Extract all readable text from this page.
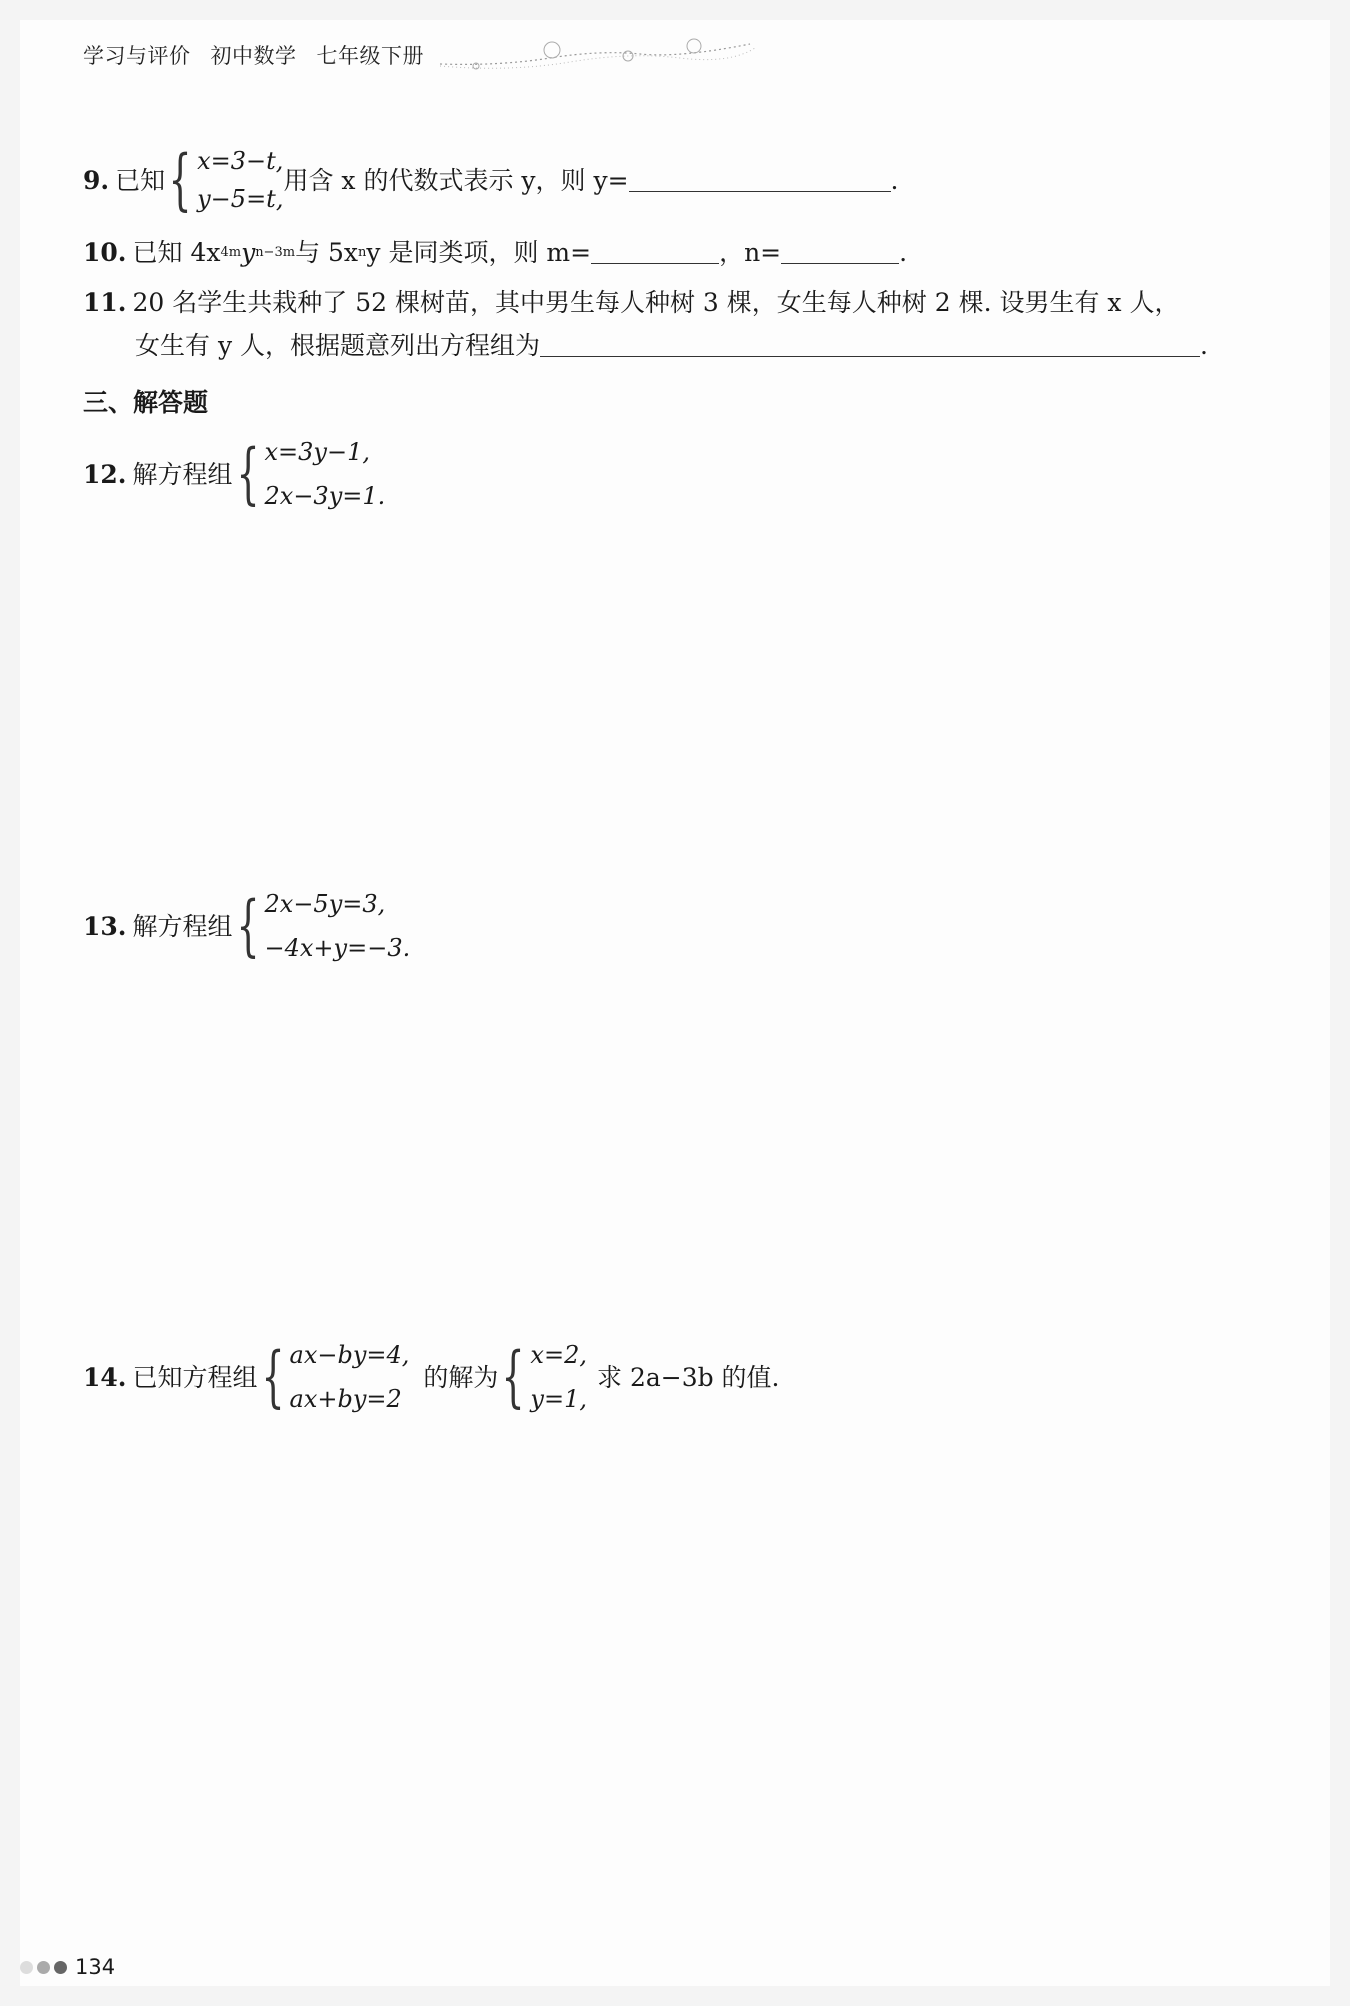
学习与评价 初中数学 七年级下册
9. 已知 { x=3−t,
y−5=t,
用含 x 的代数式表示 y，则 y=	.
10. 已知 4x 4m y n−3m 与 5x n y 是同类项，则 m=	，n=	.
11. 20 名学生共栽种了 52 棵树苗，其中男生每人种树 3 棵，女生每人种树 2 棵. 设男生有 x 人，
女生有 y 人，根据题意列出方程组为	.
三、解答题
12. 解方程组 { x=3y−1,
2x−3y=1.
13. 解方程组 { 2x−5y=3,
−4x+y=−3.
14. 已知方程组 { ax−by=4,
ax+by=2
的解为 { x=2,
y=1,
求 2a−3b 的值.
134
